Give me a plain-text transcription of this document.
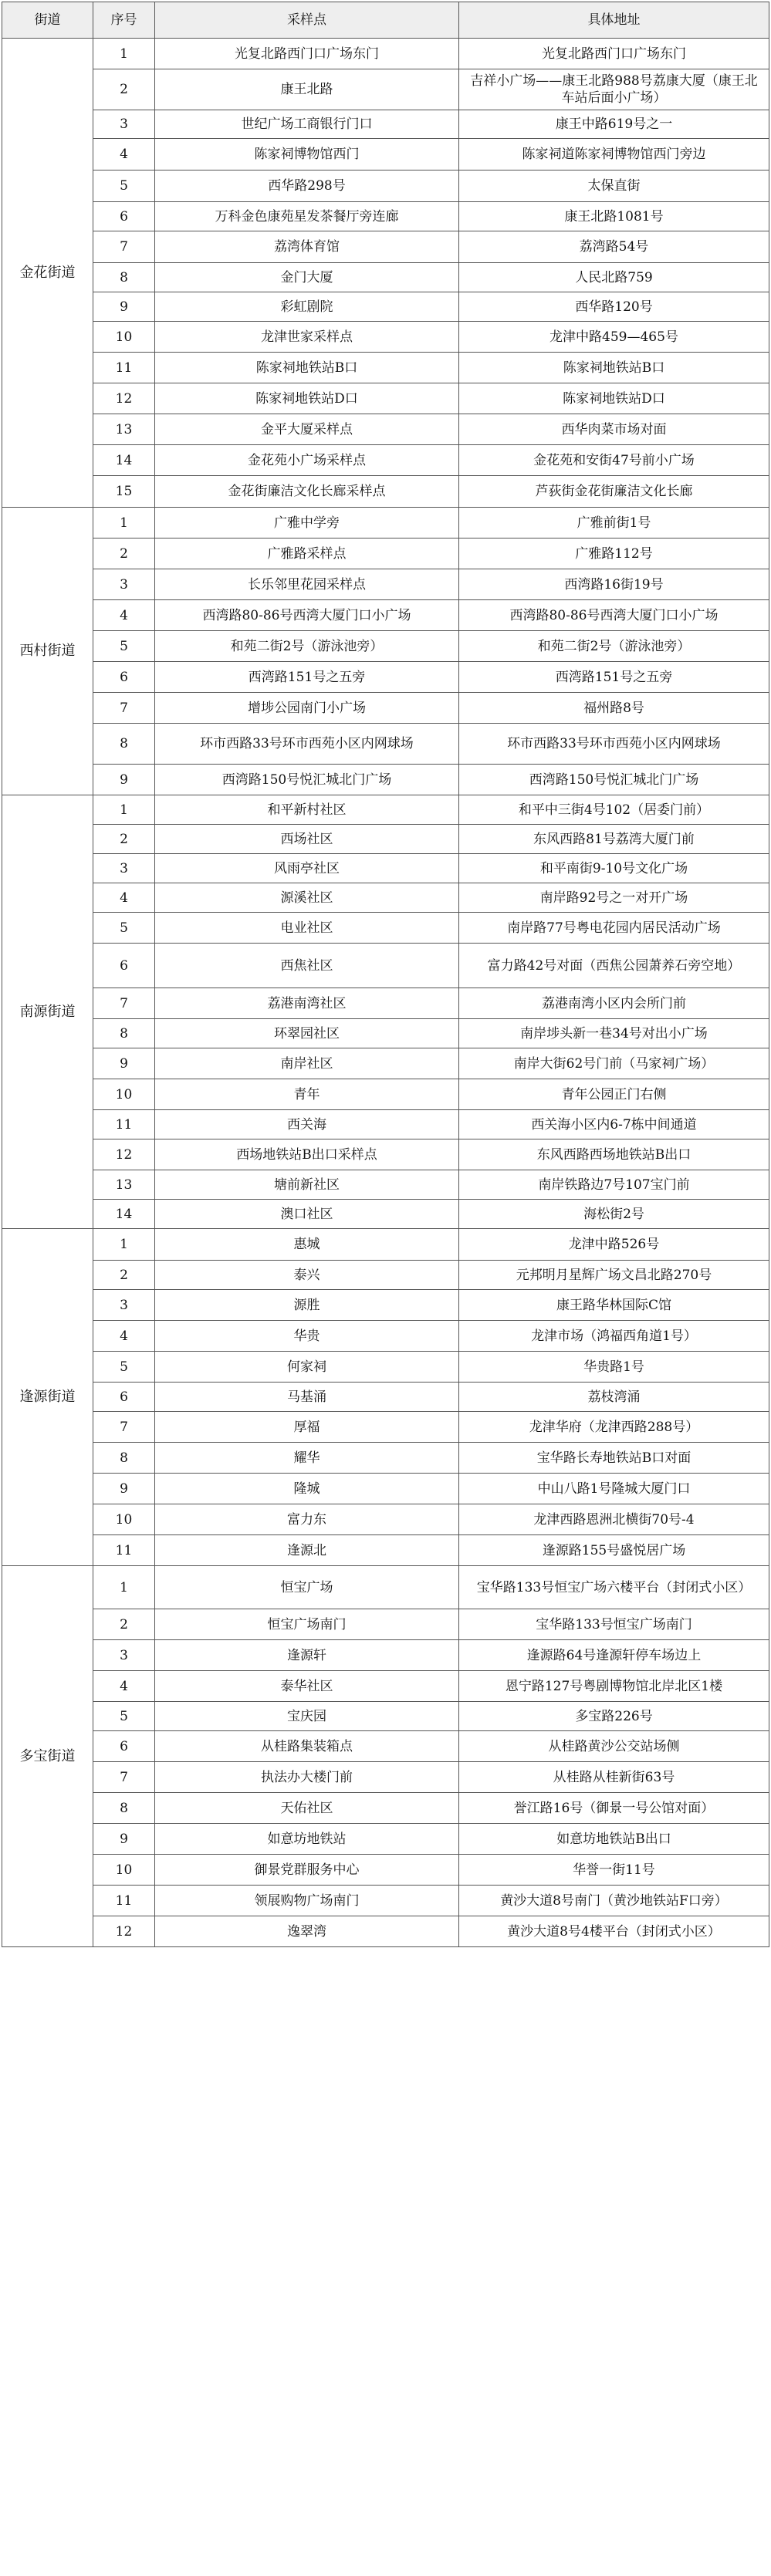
街道	序号	采样点	具体地址
金花街道	1	光复北路西门口广场东门	光复北路西门口广场东门
	2	康王北路	吉祥小广场——康王北路988号荔康大厦（康王北车站后面小广场）
	3	世纪广场工商银行门口	康王中路619号之一
	4	陈家祠博物馆西门	陈家祠道陈家祠博物馆西门旁边
	5	西华路298号	太保直街
	6	万科金色康苑星发茶餐厅旁连廊	康王北路1081号
	7	荔湾体育馆	荔湾路54号
	8	金门大厦	人民北路759
	9	彩虹剧院	西华路120号
	10	龙津世家采样点	龙津中路459—465号
	11	陈家祠地铁站B口	陈家祠地铁站B口
	12	陈家祠地铁站D口	陈家祠地铁站D口
	13	金平大厦采样点	西华肉菜市场对面
	14	金花苑小广场采样点	金花苑和安街47号前小广场
	15	金花街廉洁文化长廊采样点	芦荻街金花街廉洁文化长廊
西村街道	1	广雅中学旁	广雅前街1号
	2	广雅路采样点	广雅路112号
	3	长乐邻里花园采样点	西湾路16街19号
	4	西湾路80-86号西湾大厦门口小广场	西湾路80-86号西湾大厦门口小广场
	5	和苑二街2号（游泳池旁）	和苑二街2号（游泳池旁）
	6	西湾路151号之五旁	西湾路151号之五旁
	7	增埗公园南门小广场	福州路8号
	8	环市西路33号环市西苑小区内网球场	环市西路33号环市西苑小区内网球场
	9	西湾路150号悦汇城北门广场	西湾路150号悦汇城北门广场
南源街道	1	和平新村社区	和平中三街4号102（居委门前）
	2	西场社区	东风西路81号荔湾大厦门前
	3	风雨亭社区	和平南街9-10号文化广场
	4	源溪社区	南岸路92号之一对开广场
	5	电业社区	南岸路77号粤电花园内居民活动广场
	6	西焦社区	富力路42号对面（西焦公园萧养石旁空地）
	7	荔港南湾社区	荔港南湾小区内会所门前
	8	环翠园社区	南岸埗头新一巷34号对出小广场
	9	南岸社区	南岸大街62号门前（马家祠广场）
	10	青年	青年公园正门右侧
	11	西关海	西关海小区内6-7栋中间通道
	12	西场地铁站B出口采样点	东风西路西场地铁站B出口
	13	塘前新社区	南岸铁路边7号107宝门前
	14	澳口社区	海松街2号
逢源街道	1	惠城	龙津中路526号
	2	泰兴	元邦明月星辉广场文昌北路270号
	3	源胜	康王路华林国际C馆
	4	华贵	龙津市场（鸿福西角道1号）
	5	何家祠	华贵路1号
	6	马基涌	荔枝湾涌
	7	厚福	龙津华府（龙津西路288号）
	8	耀华	宝华路长寿地铁站B口对面
	9	隆城	中山八路1号隆城大厦门口
	10	富力东	龙津西路恩洲北横街70号-4
	11	逢源北	逢源路155号盛悦居广场
多宝街道	1	恒宝广场	宝华路133号恒宝广场六楼平台（封闭式小区）
	2	恒宝广场南门	宝华路133号恒宝广场南门
	3	逢源轩	逢源路64号逢源轩停车场边上
	4	泰华社区	恩宁路127号粤剧博物馆北岸北区1楼
	5	宝庆园	多宝路226号
	6	从桂路集装箱点	从桂路黄沙公交站场侧
	7	执法办大楼门前	从桂路从桂新街63号
	8	天佑社区	誉江路16号（御景一号公馆对面）
	9	如意坊地铁站	如意坊地铁站B出口
	10	御景党群服务中心	华誉一街11号
	11	领展购物广场南门	黄沙大道8号南门（黄沙地铁站F口旁）
	12	逸翠湾	黄沙大道8号4楼平台（封闭式小区）
